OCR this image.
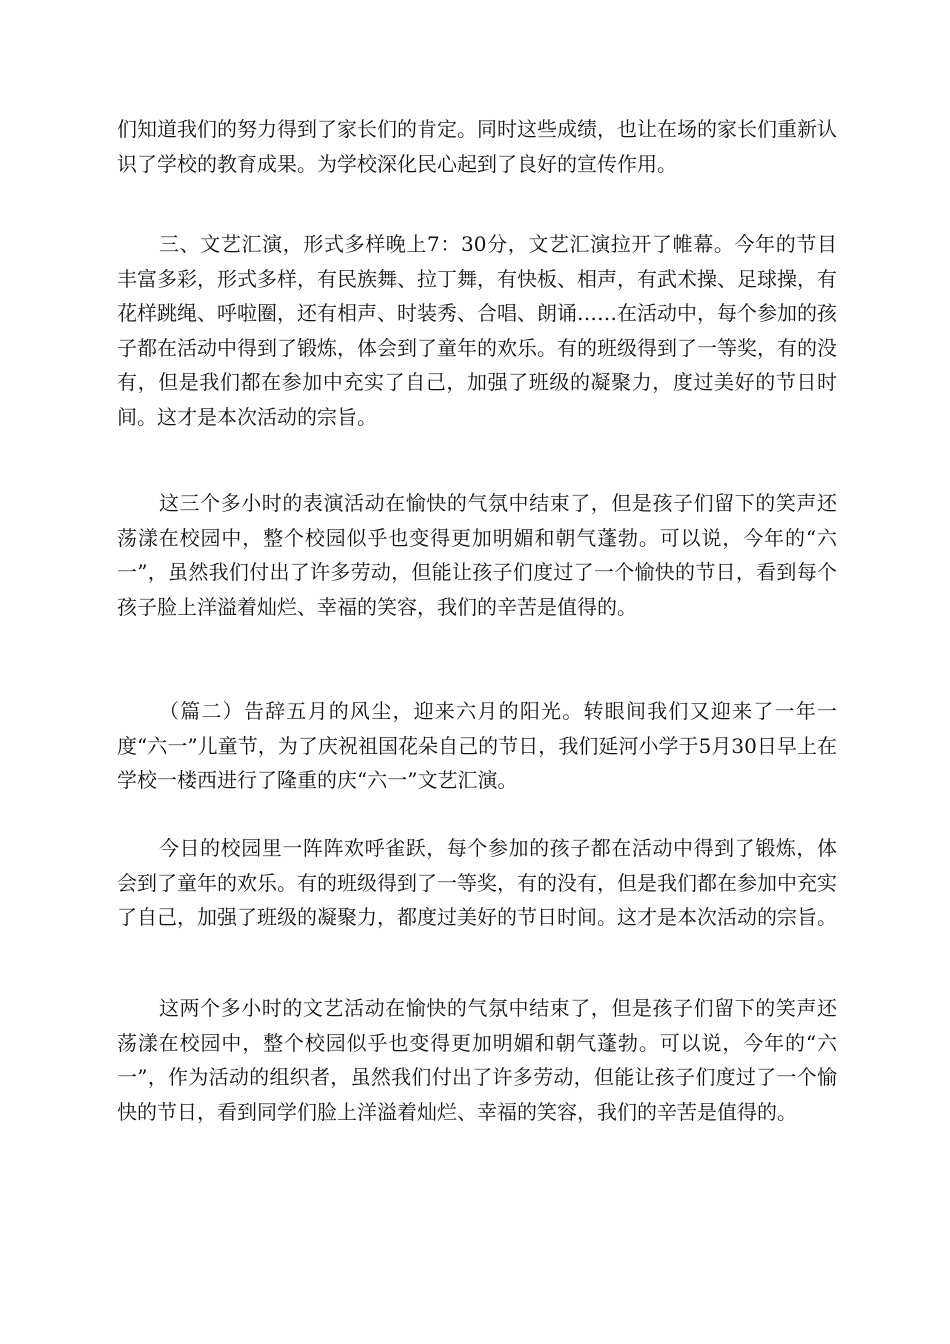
们知道我们的努力得到了家长们的肯定。同时这些成绩，也让在场的家长们重新认识了学校的教育成果。为学校深化民心起到了良好的宣传作用。

三、文艺汇演，形式多样晚上7：30分，文艺汇演拉开了帷幕。今年的节目丰富多彩，形式多样，有民族舞、拉丁舞，有快板、相声，有武术操、足球操，有花样跳绳、呼啦圈，还有相声、时装秀、合唱、朗诵……在活动中，每个参加的孩子都在活动中得到了锻炼，体会到了童年的欢乐。有的班级得到了一等奖，有的没有，但是我们都在参加中充实了自己，加强了班级的凝聚力，度过美好的节日时间。这才是本次活动的宗旨。

这三个多小时的表演活动在愉快的气氛中结束了，但是孩子们留下的笑声还荡漾在校园中，整个校园似乎也变得更加明媚和朝气蓬勃。可以说，今年的“六一”，虽然我们付出了许多劳动，但能让孩子们度过了一个愉快的节日，看到每个孩子脸上洋溢着灿烂、幸福的笑容，我们的辛苦是值得的。

（篇二）告辞五月的风尘，迎来六月的阳光。转眼间我们又迎来了一年一度“六一”儿童节，为了庆祝祖国花朵自己的节日，我们延河小学于5月30日早上在学校一楼西进行了隆重的庆“六一”文艺汇演。

今日的校园里一阵阵欢呼雀跃，每个参加的孩子都在活动中得到了锻炼，体会到了童年的欢乐。有的班级得到了一等奖，有的没有，但是我们都在参加中充实了自己，加强了班级的凝聚力，都度过美好的节日时间。这才是本次活动的宗旨。

这两个多小时的文艺活动在愉快的气氛中结束了，但是孩子们留下的笑声还荡漾在校园中，整个校园似乎也变得更加明媚和朝气蓬勃。可以说，今年的“六一”，作为活动的组织者，虽然我们付出了许多劳动，但能让孩子们度过了一个愉快的节日，看到同学们脸上洋溢着灿烂、幸福的笑容，我们的辛苦是值得的。
